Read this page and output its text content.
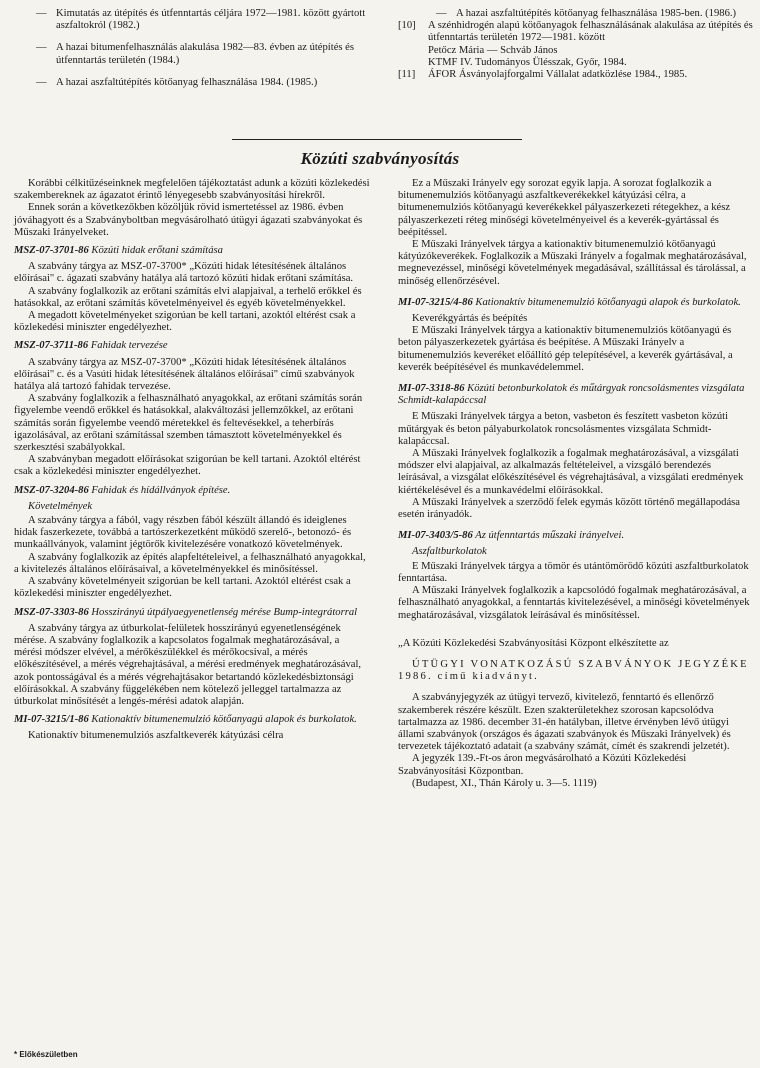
— Kimutatás az útépítés és útfenntartás céljára 1972—1981. között gyártott aszfaltokról (1982.)
— A hazai bitumenfelhasználás alakulása 1982—83. évben az útépítés és útfenntartás területén (1984.)
— A hazai aszfaltútépítés kötőanyag felhasználása 1984. (1985.)
— A hazai aszfaltútépítés kötőanyag felhasználása 1985-ben. (1986.)
[10] A szénhidrogén alapú kötőanyagok felhasználásának alakulása az útépítés és útfenntartás területén 1972—1981. között
Petőcz Mária — Schváb János
KTMF IV. Tudományos Ülésszak, Győr, 1984.
[11] ÁFOR Ásványolajforgalmi Vállalat adatközlése 1984., 1985.
Közúti szabványosítás

Korábbi célkitűzéseinknek megfelelően tájékoztatást adunk a közúti közlekedési szakembereknek az ágazatot érintő lényegesebb szabványosítási hírekről.

Ennek során a következőkben közöljük rövid ismertetéssel az 1986. évben jóváhagyott és a Szabványboltban megvásárolható útügyi ágazati szabványokat és Műszaki Irányelveket.

MSZ-07-3701-86 Közúti hidak erőtani számítása

A szabvány tárgya az MSZ-07-3700* „Közúti hidak létesítésének általános előírásai" c. ágazati szabvány hatálya alá tartozó közúti hidak erőtani számítása.

A szabvány foglalkozik az erőtani számítás elvi alapjaival, a terhelő erőkkel és hatásokkal, az erőtani számítás követelményeivel és egyéb követelményekkel.

A megadott követelményeket szigorúan be kell tartani, azoktól eltérést csak a közlekedési miniszter engedélyezhet.

MSZ-07-3711-86 Fahidak tervezése

A szabvány tárgya az MSZ-07-3700* „Közúti hidak létesítésének általános előírásai" c. és a Vasúti hidak létesítésének általános előírásai" című szabványok hatálya alá tartozó fahidak tervezése.

A szabvány foglalkozik a felhasználható anyagokkal, az erőtani számítás során figyelembe veendő erőkkel és hatásokkal, alakváltozási jellemzőkkel, az erőtani számítás során figyelembe veendő méretekkel és feltevésekkel, a teherbírás igazolásával, az erőtani számítással szemben támasztott követelményekkel és szerkesztési szabályokkal.

A szabványban megadott előírásokat szigorúan be kell tartani. Azoktól eltérést csak a közlekedési miniszter engedélyezhet.

MSZ-07-3204-86 Fahidak és hídállványok építése.
Követelmények

A szabvány tárgya a fából, vagy részben fából készült állandó és ideiglenes hidak faszerkezete, továbbá a tartószerkezetként működő szerelő-, betonozó- és munkaállványok, valamint jégtörők kivitelezésére vonatkozó követelmények.

A szabvány foglalkozik az építés alapfeltételeivel, a felhasználható anyagokkal, a kivitelezés általános előírásaival, a követelményekkel és minősítéssel.

A szabvány követelményeit szigorúan be kell tartani. Azoktól eltérést csak a közlekedési miniszter engedélyezhet.

MSZ-07-3303-86 Hosszirányú útpályaegyenetlenség mérése Bump-integrátorral

A szabvány tárgya az útburkolat-felületek hosszirányú egyenetlenségének mérése. A szabvány foglalkozik a kapcsolatos fogalmak meghatározásával, a mérési módszer elvével, a mérőkészülékkel és mérőkocsival, a mérés előkészítésével, a mérés végrehajtásával, a mérési eredmények meghatározásával, azok pontosságával és a mérés végrehajtásakor betartandó közlekedésbiztonsági előírásokkal. A szabvány függelékében nem kötelező jelleggel tartalmazza az útburkolat minősítését a lengés-mérési adatok alapján.

MI-07-3215/1-86 Kationaktív bitumenemulzió kötőanyagú alapok és burkolatok.

Kationaktív bitumenemulziós aszfaltkeverék kátyúzási célra

* Előkészületben

Ez a Műszaki Irányelv egy sorozat egyik lapja. A sorozat foglalkozik a bitumenemulziós kötőanyagú aszfaltkeverékekkel kátyúzási célra, a bitumenemulziós kötőanyagú keverékekkel pályaszerkezeti rétegekhez, a kész pályaszerkezeti réteg minőségi követelményeivel és a keverék-gyártással és beépítéssel.

E Műszaki Irányelvek tárgya a kationaktív bitumenemulzió kötőanyagú kátyúzókeverékek. Foglalkozik a Műszaki Irányelv a fogalmak meghatározásával, megnevezéssel, minőségi követelmények megadásával, szállítással és tárolással, a minőség ellenőrzésével.

MI-07-3215/4-86 Kationaktív bitumenemulzió kötőanyagú alapok és burkolatok.

Keverékgyártás és beépítés

E Műszaki Irányelvek tárgya a kationaktív bitumenemulziós kötőanyagú és beton pályaszerkezetek gyártása és beépítése. A Műszaki Irányelv a bitumenemulziós keveréket előállító gép telepítésével, a keverék gyártásával, a keverék beépítésével és munkavédelemmel.

MI-07-3318-86 Közúti betonburkolatok és műtárgyak roncsolásmentes vizsgálata Schmidt-kalapáccsal

E Műszaki Irányelvek tárgya a beton, vasbeton és feszített vasbeton közúti műtárgyak és beton pályaburkolatok roncsolásmentes vizsgálata Schmidt-kalapáccsal.

A Műszaki Irányelvek foglalkozik a fogalmak meghatározásával, a vizsgálati módszer elvi alapjaival, az alkalmazás feltételeivel, a vizsgáló berendezés leírásával, a vizsgálat előkészítésével és végrehajtásával, a vizsgálati eredmények kiértékelésével és a munkavédelmi előírásokkal.

A Műszaki Irányelvek a szerződő felek egymás között történő megállapodása esetén irányadók.

MI-07-3403/5-86 Az útfenntartás műszaki irányelvei.
Aszfaltburkolatok

E Műszaki Irányelvek tárgya a tömör és utántömörödő közúti aszfaltburkolatok fenntartása.

A Műszaki Irányelvek foglalkozik a kapcsolódó fogalmak meghatározásával, a felhasználható anyagokkal, a fenntartás kivitelezésével, a minőségi követelmények meghatározásával, vizsgálatok leírásával és minősítéssel.

„A Közúti Közlekedési Szabványosítási Központ elkészítette az

ÚTÜGYI VONATKOZÁSÚ SZABVÁNYOK JEGYZÉKE 1986. című kiadványt.

A szabványjegyzék az útügyi tervező, kivitelező, fenntartó és ellenőrző szakemberek részére készült. Ezen szakterületekhez szorosan kapcsolódva tartalmazza az 1986. december 31-én hatályban, illetve érvényben lévő útügyi állami szabványok (országos és ágazati szabványok és Műszaki Irányelvek) és tervezetek tájékoztató adatait (a szabvány számát, címét és szakrendi jelzetét).

A jegyzék 139.-Ft-os áron megvásárolható a Közúti Közlekedési Szabványosítási Központban.

(Budapest, XI., Thán Károly u. 3—5. 1119)
